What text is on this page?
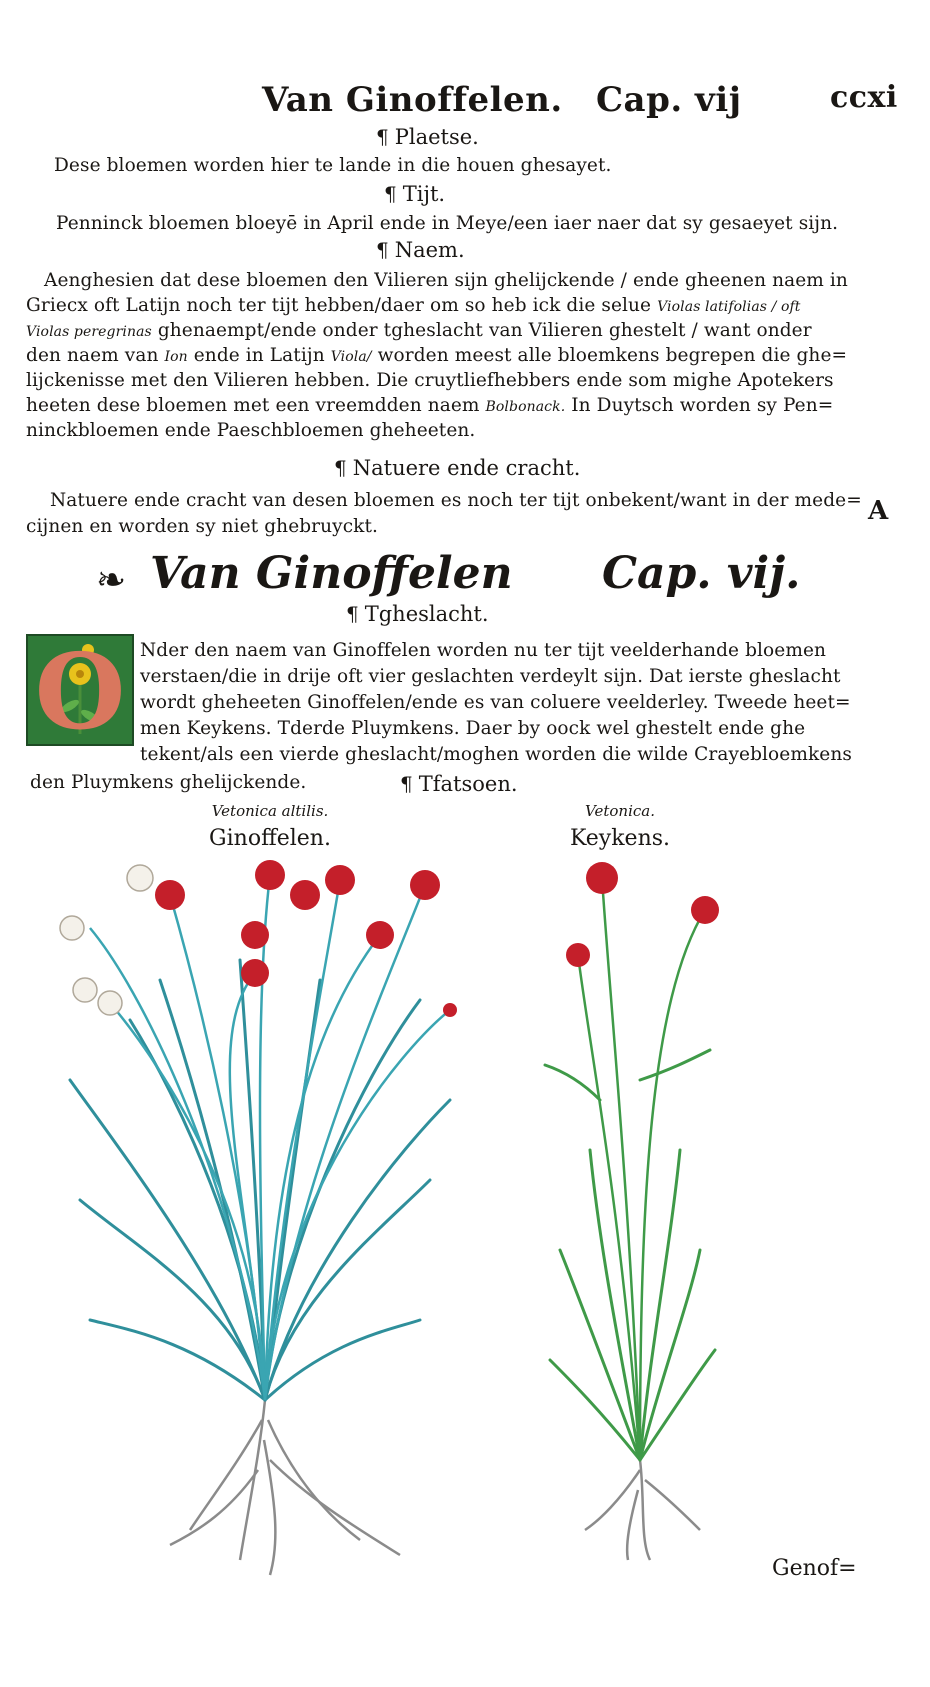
Van Ginoffelen. Cap. vij	ccxi
¶ Plaetse.
Dese bloemen worden hier te lande in die houen ghesayet.
¶ Tijt.
Penninck bloemen bloeyē in April ende in Meye/een iaer naer dat sy gesaeyet sijn.
¶ Naem.
Aenghesien dat dese bloemen den Vilieren sijn ghelijckende / ende gheenen naem in
Griecx oft Latijn noch ter tijt hebben/daer om so heb ick die selue Violas latifolias / oft
Violas peregrinas ghenaempt/ende onder tgheslacht van Vilieren ghestelt / want onder
den naem van Ion ende in Latijn Viola/ worden meest alle bloemkens begrepen die ghe=
lijckenisse met den Vilieren hebben. Die cruytliefhebbers ende som mighe Apotekers
heeten dese bloemen met een vreemdden naem Bolbonack. In Duytsch worden sy Pen=
ninckbloemen ende Paeschbloemen gheheeten.
¶ Natuere ende cracht.
Natuere ende cracht van desen bloemen es noch ter tijt onbekent/want in der mede=
cijnen en worden sy niet ghebruyckt.
A
❧ Van Ginoffelen Cap. vij.
¶ Tgheslacht.
O Nder den naem van Ginoffelen worden nu ter tijt veelderhande bloemen
verstaen/die in drije oft vier geslachten verdeylt sijn. Dat ierste gheslacht
wordt gheheeten Ginoffelen/ende es van coluere veelderley. Tweede heet=
men Keykens. Tderde Pluymkens. Daer by oock wel ghestelt ende ghe
tekent/als een vierde gheslacht/moghen worden die wilde Crayebloemkens
den Pluymkens ghelijckende.	¶ Tfatsoen.
Vetonica altilis.
Ginoffelen.
Vetonica.
Keykens.
Genof=
